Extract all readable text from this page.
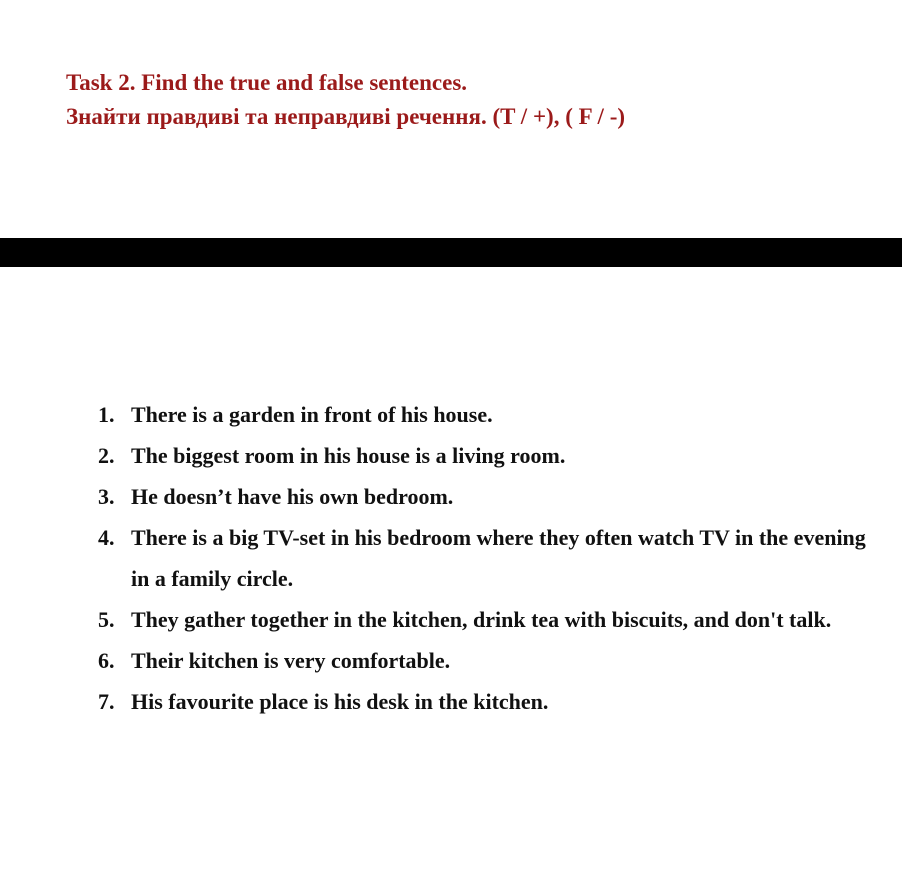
Task 2. Find the true and false sentences.
Знайти правдиві та неправдиві речення. (T / +), ( F / -)
1. There is a garden in front of his house.
2. The biggest room in his house is a living room.
3. He doesn’t have his own bedroom.
4. There is a big TV-set in his bedroom where they often watch TV in the evening in a family circle.
5. They gather together in the kitchen, drink tea with biscuits, and don't talk.
6. Their kitchen is very comfortable.
7. His favourite place is his desk in the kitchen.
